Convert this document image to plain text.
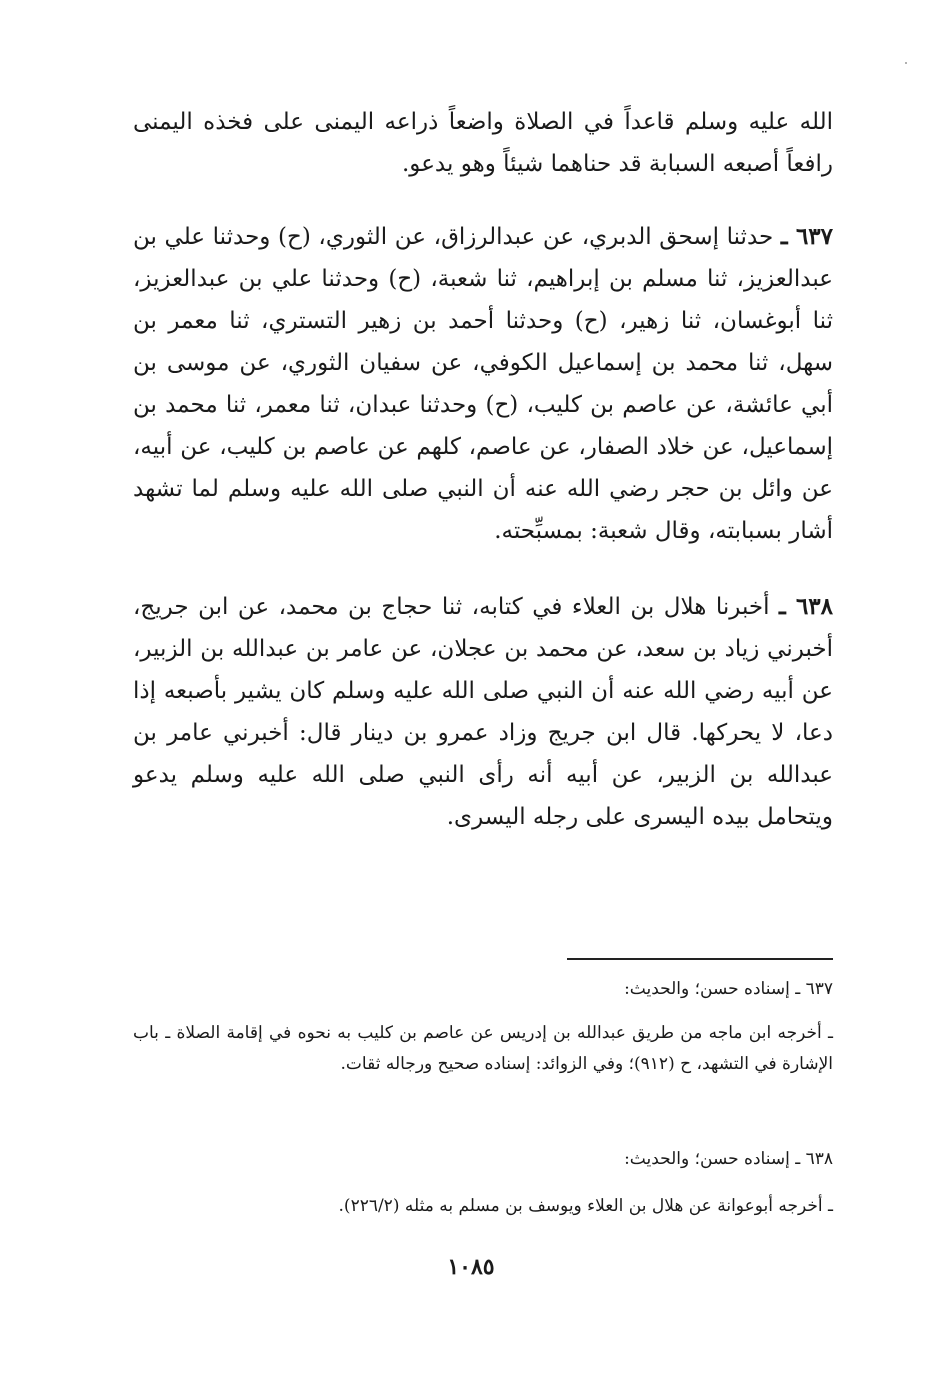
الله عليه وسلم قاعداً في الصلاة واضعاً ذراعه اليمنى على فخذه اليمنى رافعاً أصبعه السبابة قد حناهما شيئاً وهو يدعو.

٦٣٧ ـ حدثنا إسحق الدبري، عن عبدالرزاق، عن الثوري، (ح) وحدثنا علي بن عبدالعزيز، ثنا مسلم بن إبراهيم، ثنا شعبة، (ح) وحدثنا علي بن عبدالعزيز، ثنا أبوغسان، ثنا زهير، (ح) وحدثنا أحمد بن زهير التستري، ثنا معمر بن سهل، ثنا محمد بن إسماعيل الكوفي، عن سفيان الثوري، عن موسى بن أبي عائشة، عن عاصم بن كليب، (ح) وحدثنا عبدان، ثنا معمر، ثنا محمد بن إسماعيل، عن خلاد الصفار، عن عاصم، كلهم عن عاصم بن كليب، عن أبيه، عن وائل بن حجر رضي الله عنه أن النبي صلى الله عليه وسلم لما تشهد أشار بسبابته، وقال شعبة: بمسبِّحته.

٦٣٨ ـ أخبرنا هلال بن العلاء في كتابه، ثنا حجاج بن محمد، عن ابن جريج، أخبرني زياد بن سعد، عن محمد بن عجلان، عن عامر بن عبدالله بن الزبير، عن أبيه رضي الله عنه أن النبي صلى الله عليه وسلم كان يشير بأصبعه إذا دعا، لا يحركها. قال ابن جريج وزاد عمرو بن دينار قال: أخبرني عامر بن عبدالله بن الزبير، عن أبيه أنه رأى النبي صلى الله عليه وسلم يدعو ويتحامل بيده اليسرى على رجله اليسرى.

٦٣٧ ـ إسناده حسن؛ والحديث:

ـ أخرجه ابن ماجه من طريق عبدالله بن إدريس عن عاصم بن كليب به نحوه في إقامة الصلاة ـ باب الإشارة في التشهد، ح (٩١٢)؛ وفي الزوائد: إسناده صحيح ورجاله ثقات.

٦٣٨ ـ إسناده حسن؛ والحديث:

ـ أخرجه أبوعوانة عن هلال بن العلاء ويوسف بن مسلم به مثله (٢٢٦/٢).

١٠٨٥
